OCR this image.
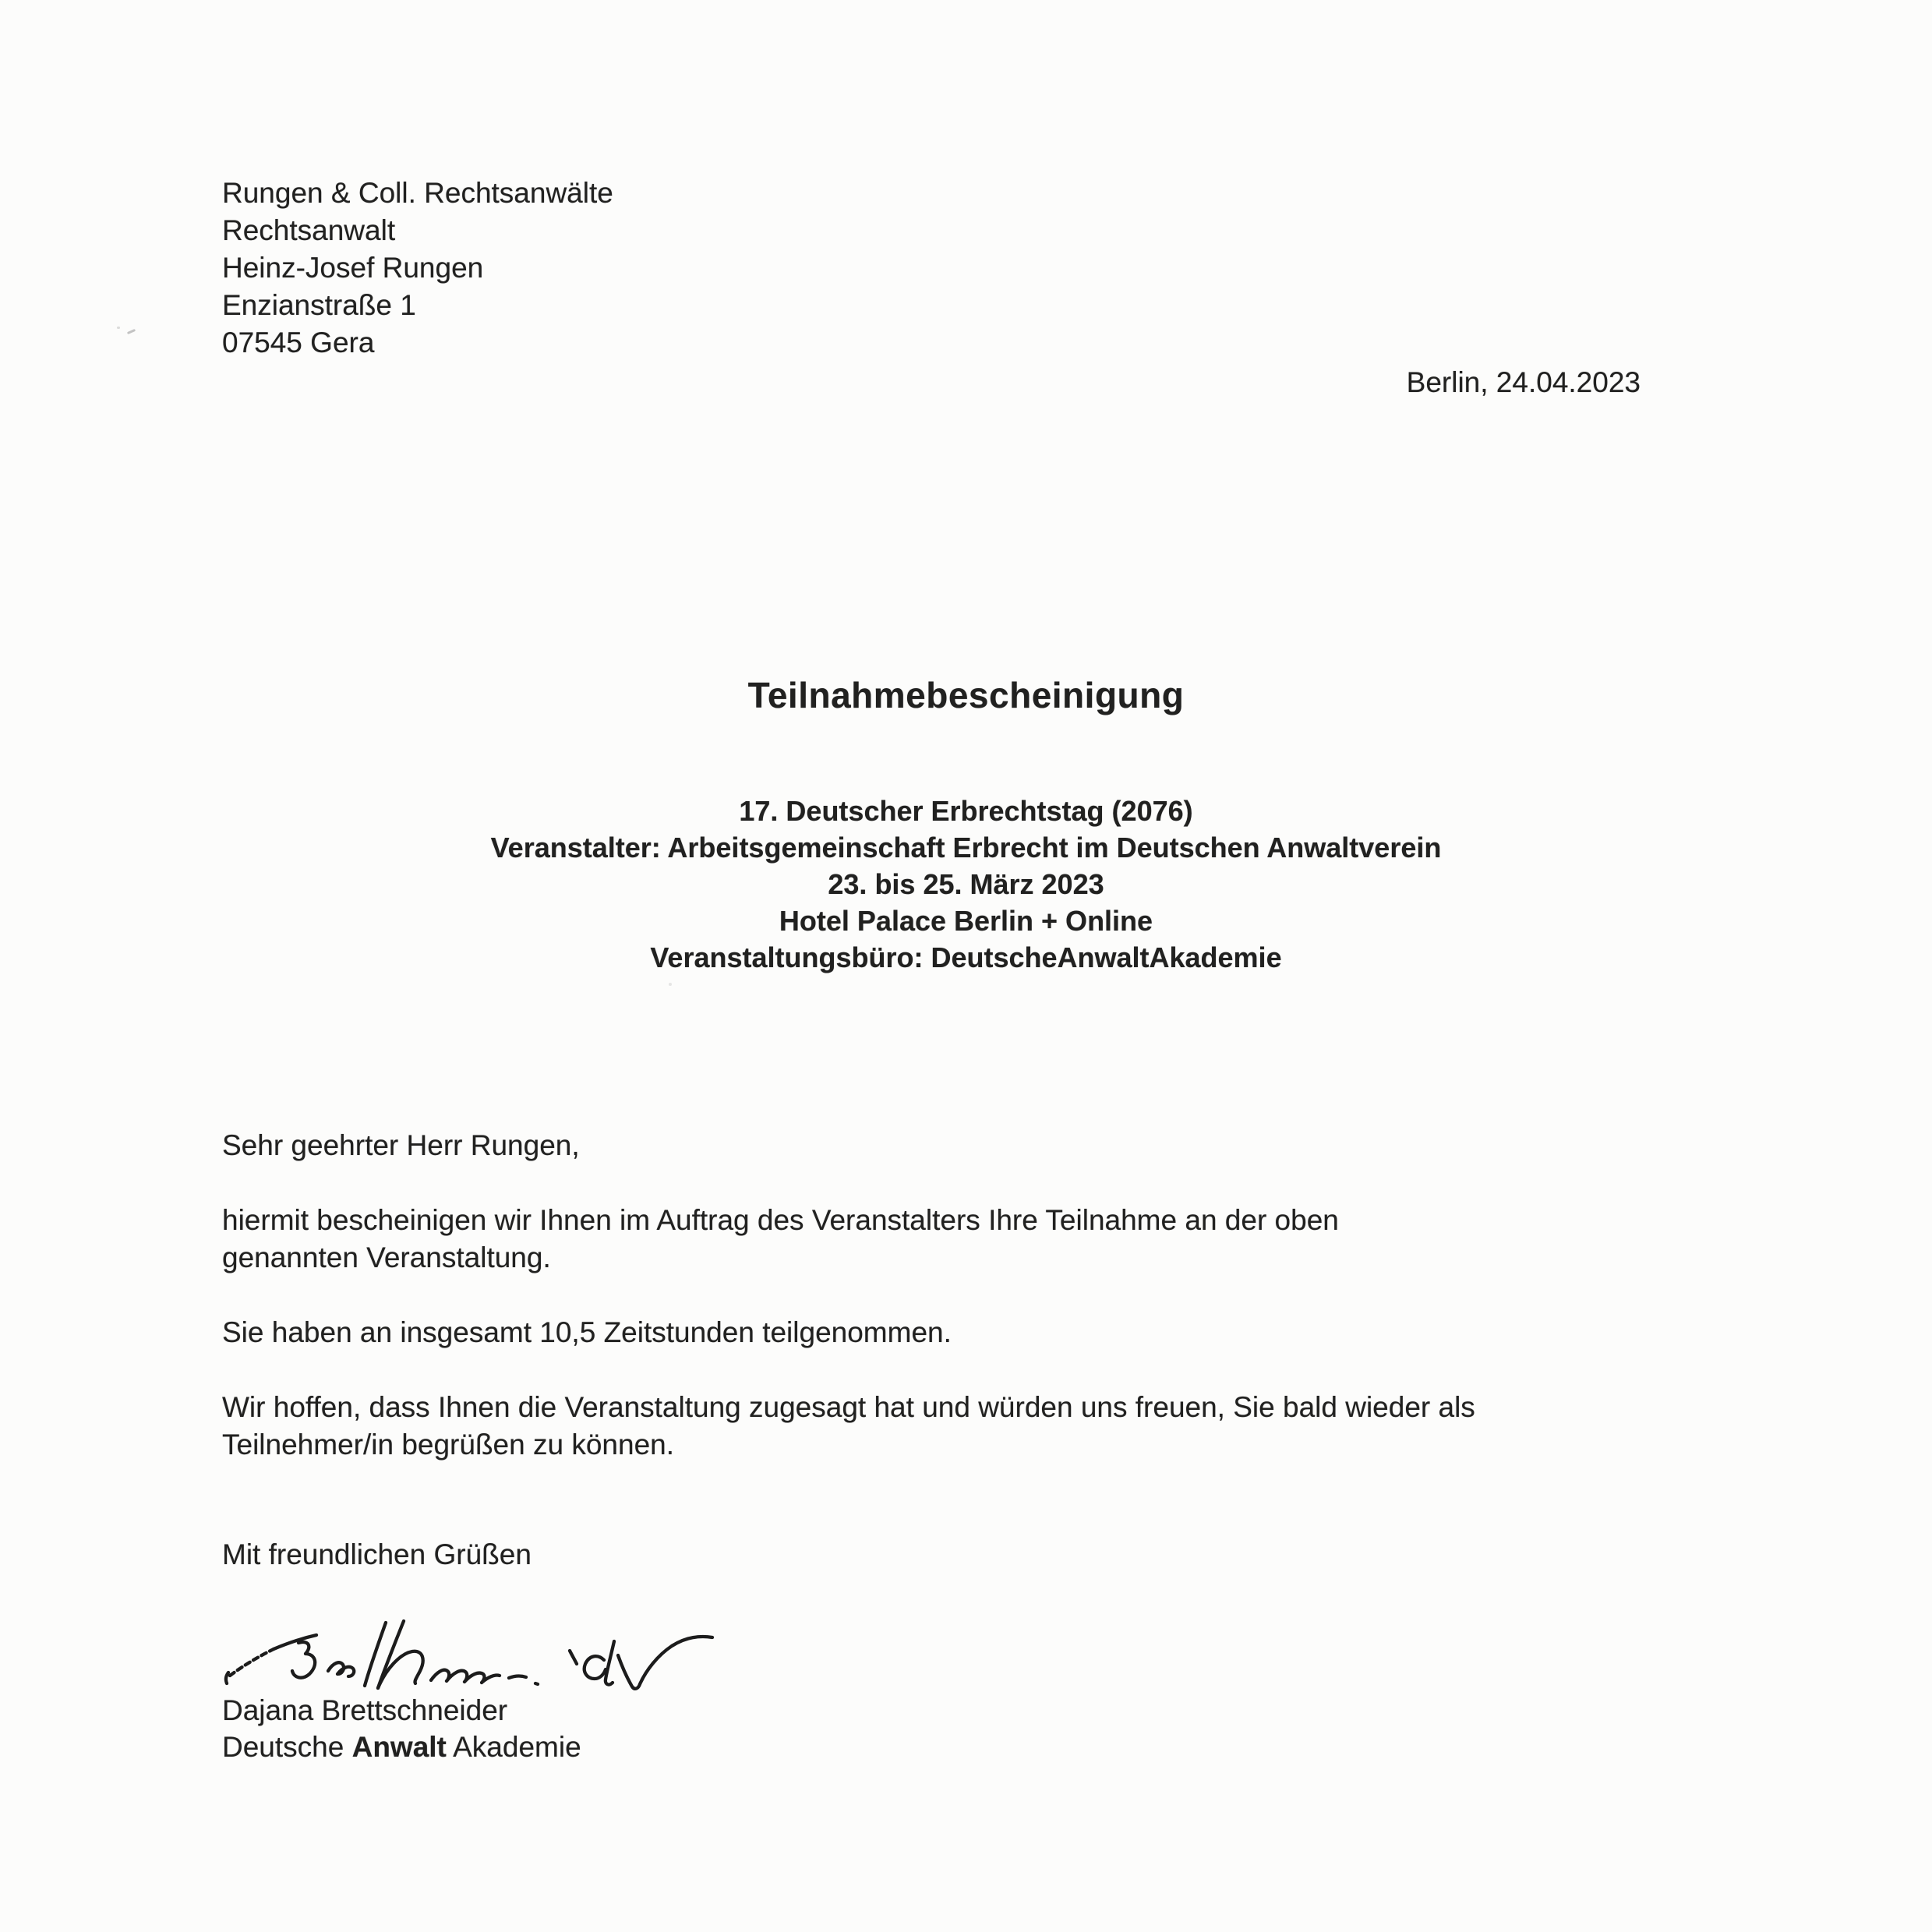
Rungen & Coll. Rechtsanwälte
Rechtsanwalt
Heinz-Josef Rungen
Enzianstraße 1
07545 Gera
Berlin, 24.04.2023
Teilnahmebescheinigung
17. Deutscher Erbrechtstag (2076)
Veranstalter: Arbeitsgemeinschaft Erbrecht im Deutschen Anwaltverein
23. bis 25. März 2023
Hotel Palace Berlin + Online
Veranstaltungsbüro: DeutscheAnwaltAkademie
Sehr geehrter Herr Rungen,
hiermit bescheinigen wir Ihnen im Auftrag des Veranstalters Ihre Teilnahme an der oben
genannten Veranstaltung.
Sie haben an insgesamt 10,5 Zeitstunden teilgenommen.
Wir hoffen, dass Ihnen die Veranstaltung zugesagt hat und würden uns freuen, Sie bald wieder als
Teilnehmer/in begrüßen zu können.
Mit freundlichen Grüßen
Dajana Brettschneider
Deutsche Anwalt Akademie
